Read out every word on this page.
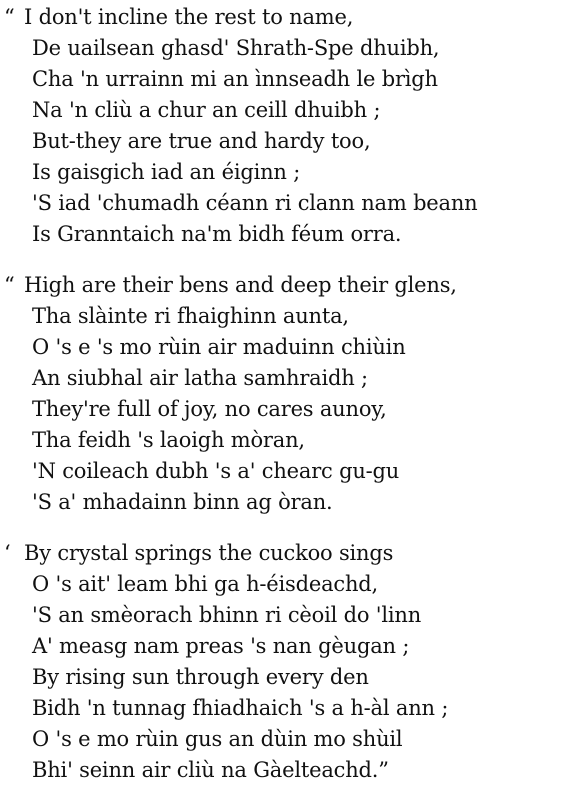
“ I don't incline the rest to name,
De uailsean ghasd' Shrath-Spe dhuibh,
Cha 'n urrainn mi an ìnnseadh le brìgh
Na 'n cliù a chur an ceill dhuibh ;
But-they are true and hardy too,
Is gaisgich iad an éiginn ;
'S iad 'chumadh céann ri clann nam beann
Is Granntaich na'm bidh féum orra.
“ High are their bens and deep their glens,
Tha slàinte ri fhaighinn aunta,
O 's e 's mo rùin air maduinn chiùin
An siubhal air latha samhraidh ;
They're full of joy, no cares aunoy,
Tha feidh 's laoigh mòran,
'N coileach dubh 's a' chearc gu-gu
'S a' mhadainn binn ag òran.
‘ By crystal springs the cuckoo sings
O 's ait' leam bhi ga h-éisdeachd,
'S an smèorach bhinn ri cèoil do 'linn
A' measg nam preas 's nan gèugan ;
By rising sun through every den
Bidh 'n tunnag fhiadhaich 's a h-àl ann ;
O 's e mo rùin gus an dùin mo shùil
Bhi' seinn air cliù na Gàelteachd.”
